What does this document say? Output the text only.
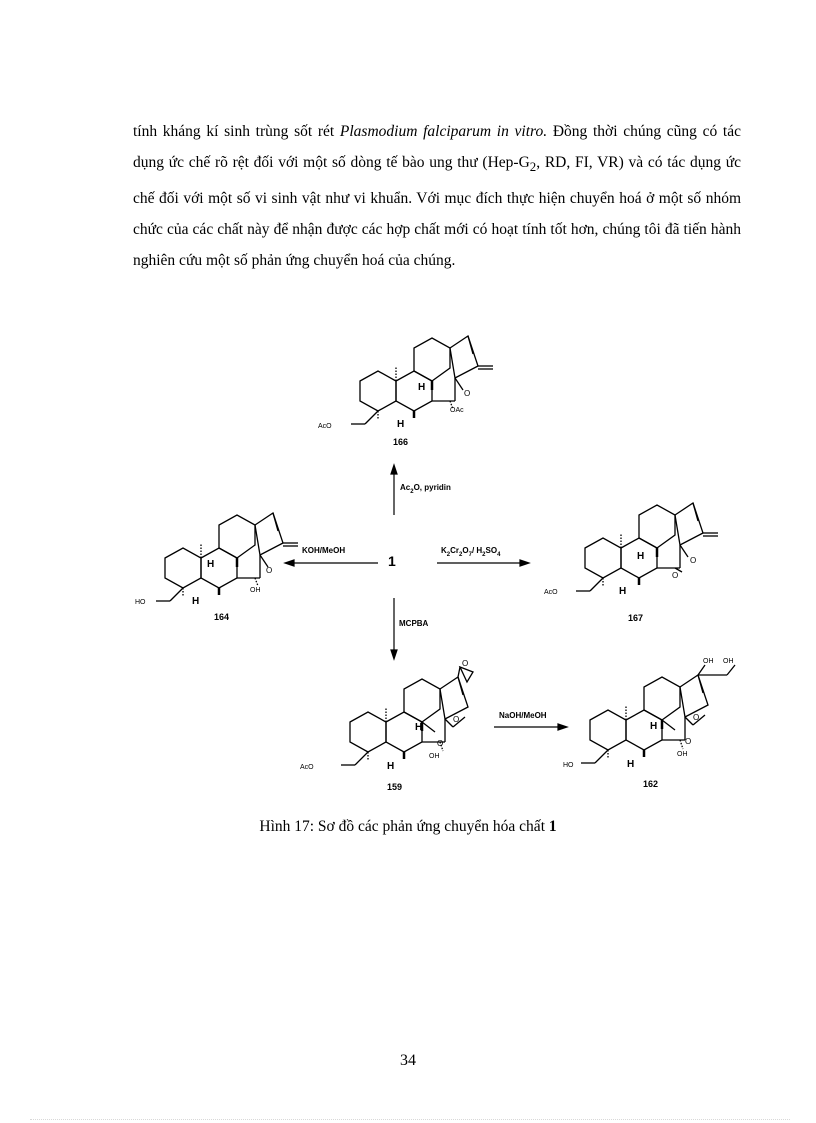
tính kháng kí sinh trùng sốt rét Plasmodium falciparum in vitro. Đồng thời chúng cũng có tác dụng ức chế rõ rệt đối với một số dòng tế bào ung thư ($Hep-G_2$, RD, FI, VR) và có tác dụng ức chế đối với một số vi sinh vật như vi khuẩn. Với mục đích thực hiện chuyển hoá ở một số nhóm chức của các chất này để nhận được các hợp chất mới có hoạt tính tốt hơn, chúng tôi đã tiến hành nghiên cứu một số phản ứng chuyển hoá của chúng.
AcO
H
H
O
OAc
166
HO
H
H
O
OH
164
AcO
H
H
O
O
167
AcO
H
H
O
O
O
OH
159
HO
H
H
OH OH
O
O
OH
162
1
$Ac_2O$, pyridin
KOH/MeOH	$K_2Cr_2O_7/$ $H_2SO_4$
MCPBA
NaOH/MeOH
Hình 17: Sơ đồ các phản ứng chuyển hóa chất 1
34
